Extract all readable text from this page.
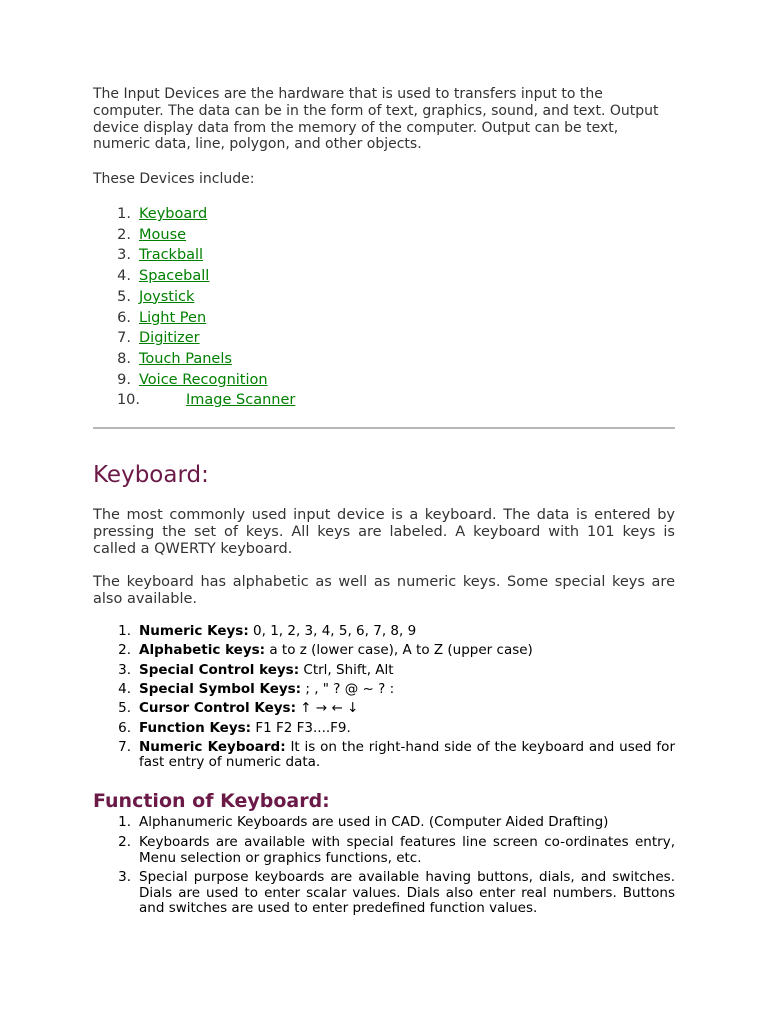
The Input Devices are the hardware that is used to transfers input to the computer. The data can be in the form of text, graphics, sound, and text. Output device display data from the memory of the computer. Output can be text, numeric data, line, polygon, and other objects.

These Devices include:

1. Keyboard
2. Mouse
3. Trackball
4. Spaceball
5. Joystick
6. Light Pen
7. Digitizer
8. Touch Panels
9. Voice Recognition
10.	Image Scanner
Keyboard:

The most commonly used input device is a keyboard. The data is entered by pressing the set of keys. All keys are labeled. A keyboard with 101 keys is called a QWERTY keyboard.

The keyboard has alphabetic as well as numeric keys. Some special keys are also available.

1. Numeric Keys: 0, 1, 2, 3, 4, 5, 6, 7, 8, 9
2. Alphabetic keys: a to z (lower case), A to Z (upper case)
3. Special Control keys: Ctrl, Shift, Alt
4. Special Symbol Keys: ; , " ? @ ~ ? :
5. Cursor Control Keys: ↑ → ← ↓
6. Function Keys: F1 F2 F3....F9.
7. Numeric Keyboard: It is on the right-hand side of the keyboard and used for fast entry of numeric data.
Function of Keyboard:
1. Alphanumeric Keyboards are used in CAD. (Computer Aided Drafting)
2. Keyboards are available with special features line screen co-ordinates entry, Menu selection or graphics functions, etc.
3. Special purpose keyboards are available having buttons, dials, and switches. Dials are used to enter scalar values. Dials also enter real numbers. Buttons and switches are used to enter predefined function values.
